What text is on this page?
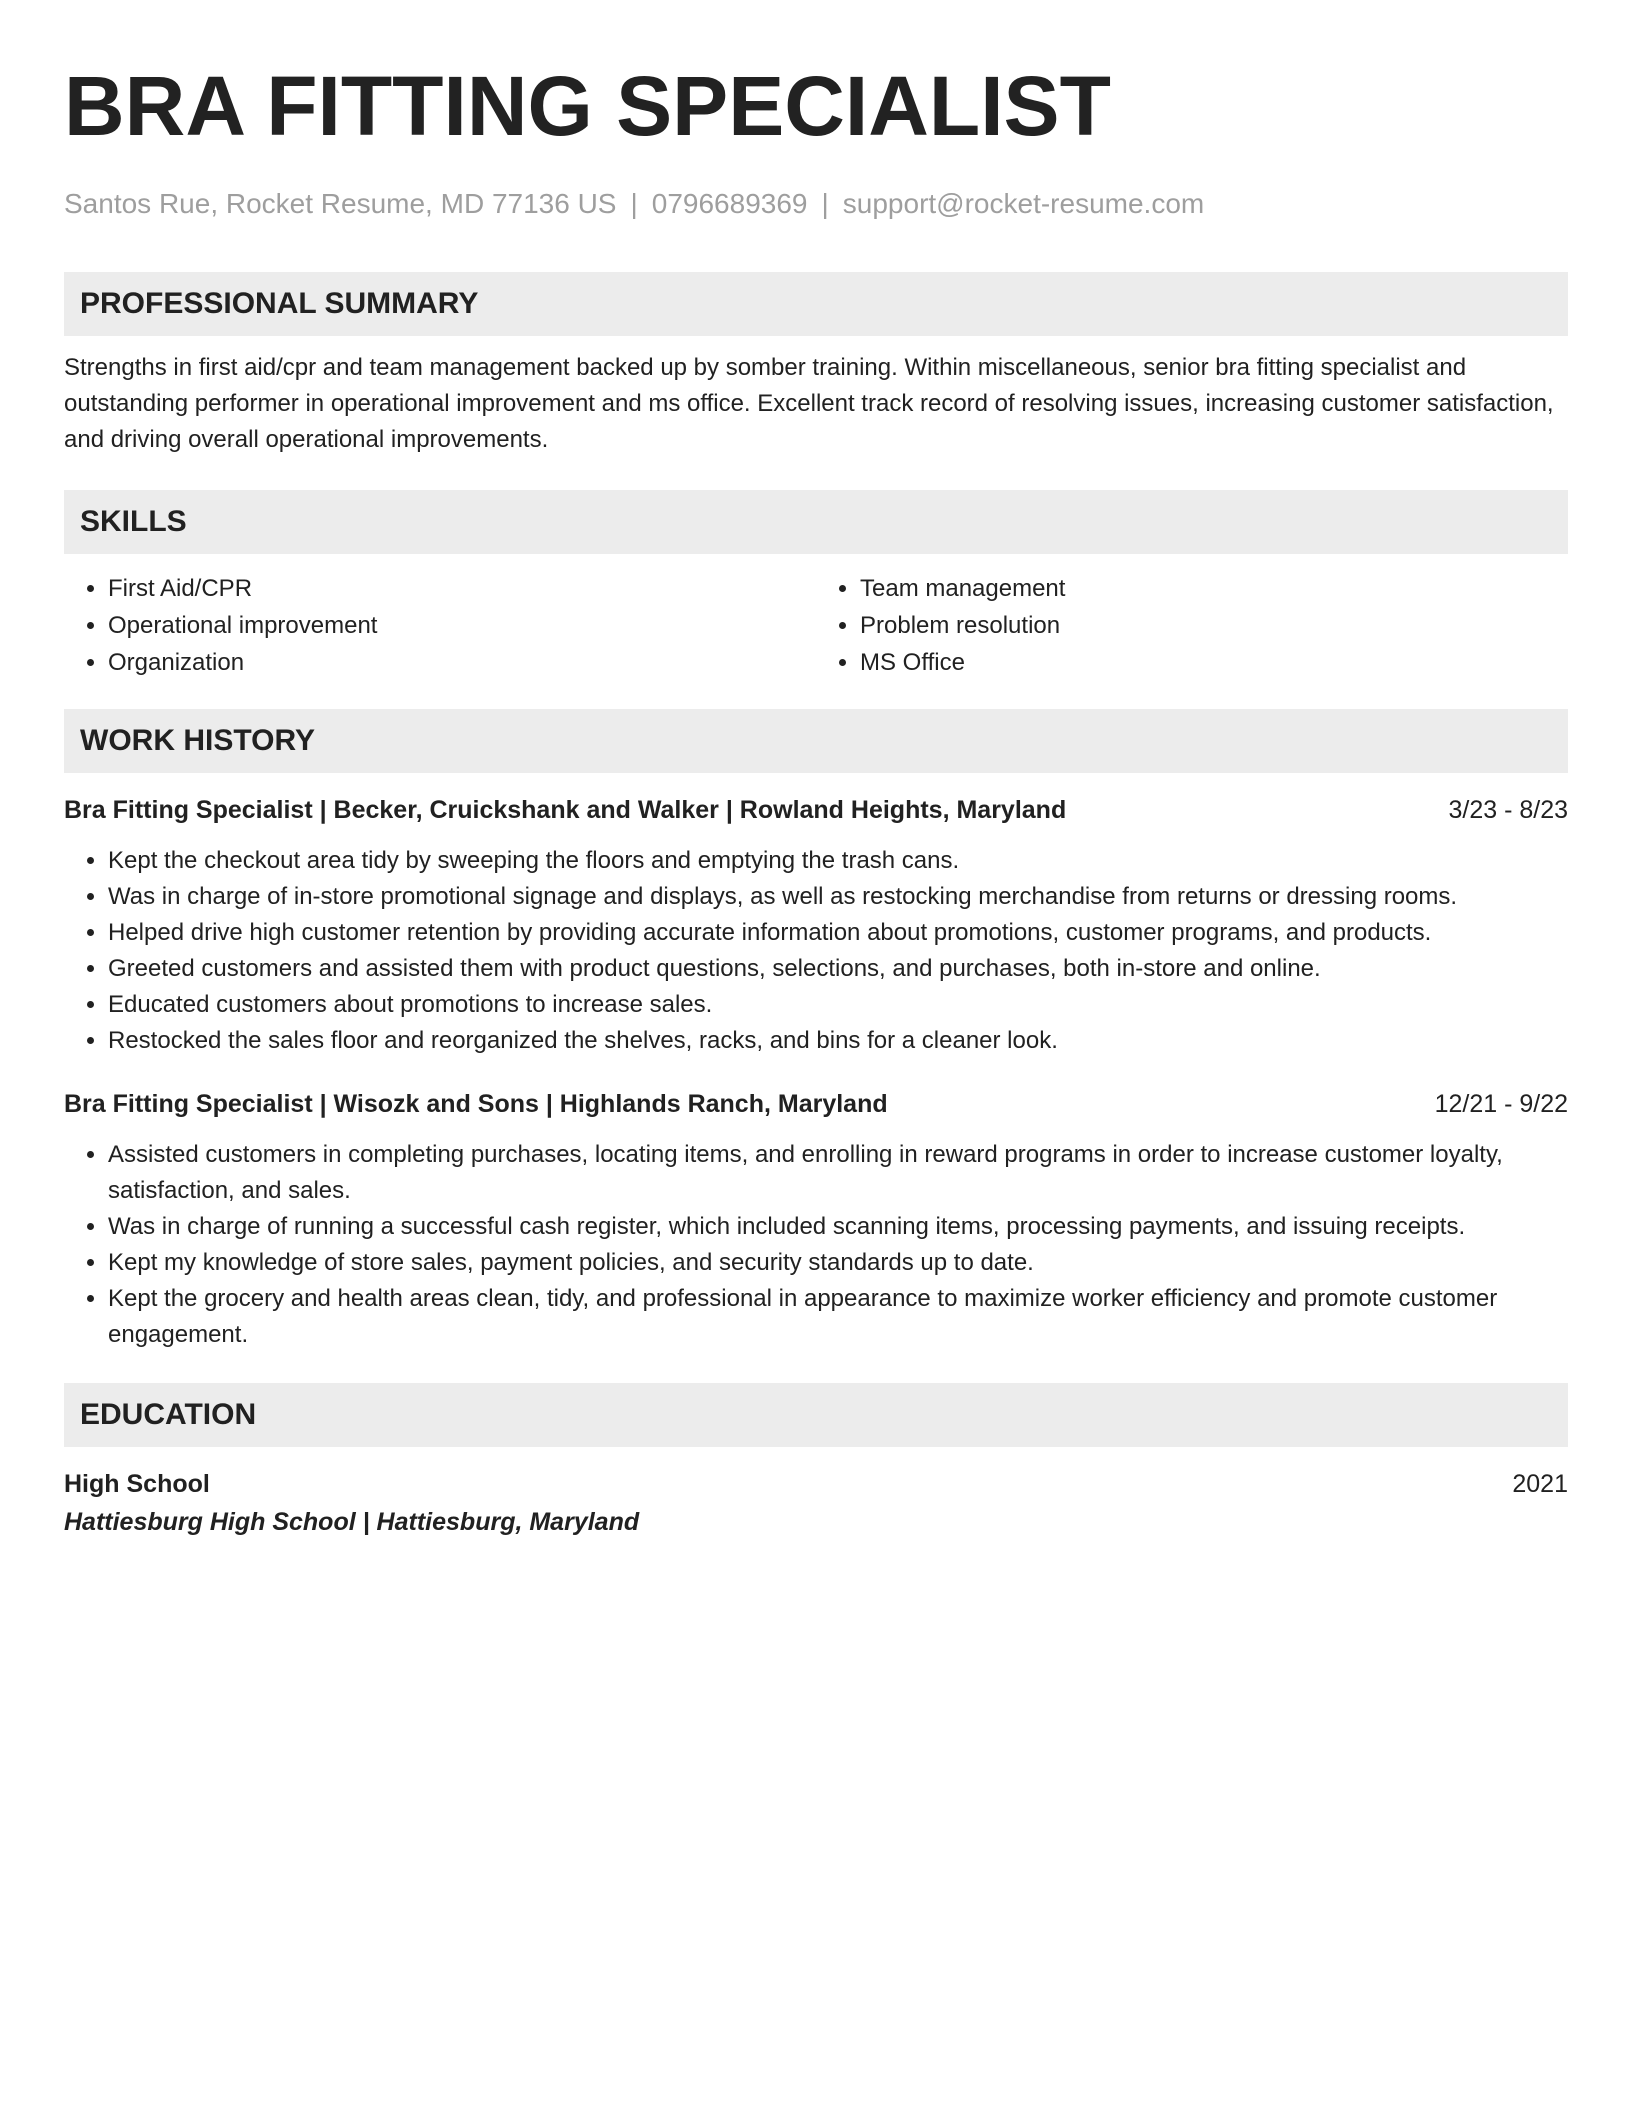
BRA FITTING SPECIALIST
Santos Rue, Rocket Resume, MD 77136 US | 0796689369 | support@rocket-resume.com
PROFESSIONAL SUMMARY

Strengths in first aid/cpr and team management backed up by somber training. Within miscellaneous, senior bra fitting specialist and outstanding performer in operational improvement and ms office. Excellent track record of resolving issues, increasing customer satisfaction, and driving overall operational improvements.

SKILLS
• First Aid/CPR
• Operational improvement
• Organization
• Team management
• Problem resolution
• MS Office
WORK HISTORY
Bra Fitting Specialist | Becker, Cruickshank and Walker | Rowland Heights, Maryland	3/23 - 8/23
• Kept the checkout area tidy by sweeping the floors and emptying the trash cans.
• Was in charge of in-store promotional signage and displays, as well as restocking merchandise from returns or dressing rooms.
• Helped drive high customer retention by providing accurate information about promotions, customer programs, and products.
• Greeted customers and assisted them with product questions, selections, and purchases, both in-store and online.
• Educated customers about promotions to increase sales.
• Restocked the sales floor and reorganized the shelves, racks, and bins for a cleaner look.
Bra Fitting Specialist | Wisozk and Sons | Highlands Ranch, Maryland	12/21 - 9/22
• Assisted customers in completing purchases, locating items, and enrolling in reward programs in order to increase customer loyalty, satisfaction, and sales.
• Was in charge of running a successful cash register, which included scanning items, processing payments, and issuing receipts.
• Kept my knowledge of store sales, payment policies, and security standards up to date.
• Kept the grocery and health areas clean, tidy, and professional in appearance to maximize worker efficiency and promote customer engagement.
EDUCATION
High School	2021
Hattiesburg High School | Hattiesburg, Maryland
